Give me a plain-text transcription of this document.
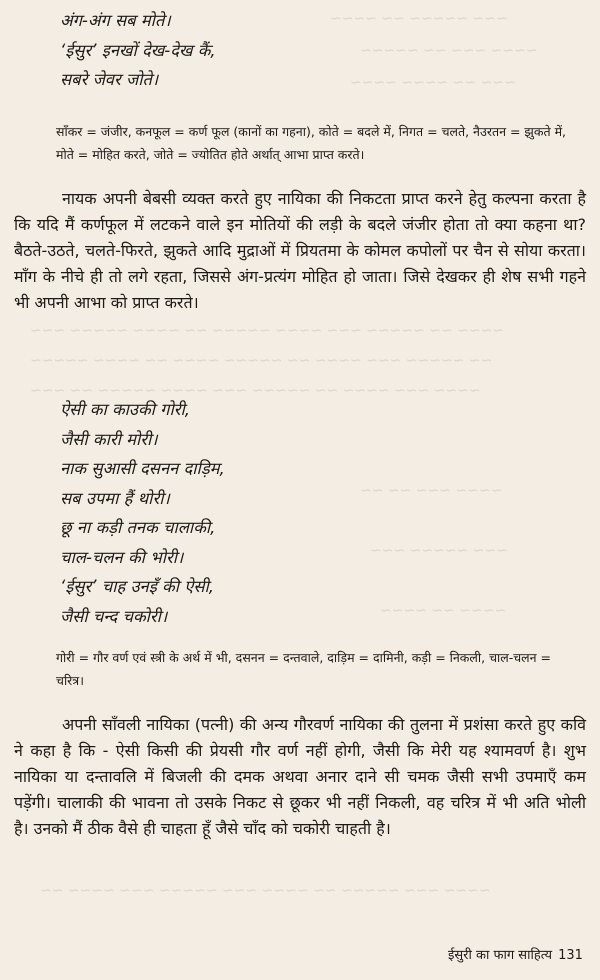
~~~ ~~~~~ ~~ ~~~~
~~~~ ~~~ ~~ ~~~~~
~~~ ~~ ~~~~ ~~~~
~~~~ ~~ ~~~~~ ~~~ ~~~~ ~~~~~ ~~ ~~~~ ~~~~~ ~~~
~~ ~~~~~ ~~~ ~~~~ ~~ ~~~~~ ~~~~ ~~ ~~~~ ~~~~~
~~~~ ~~~ ~~~~ ~~ ~~~~~ ~~~ ~~~~ ~~~~~ ~~ ~~~
~~~~ ~~~ ~~ ~~
~~~ ~~~~~ ~~~
~~~~ ~~ ~~~~
~~~~ ~~~ ~~~~~ ~~ ~~~~ ~~~ ~~~~~ ~~~ ~~~~ ~~
अंग-अंग सब मोते।
‘ईसुर’ इनखों देख-देख कैं,
सबरे जेवर जोते।
साँकर = जंजीर, कनफूल = कर्ण फूल (कानों का गहना), कोते = बदले में, निगत = चलते, नैउरतन = झुकते में, मोते = मोहित करते, जोते = ज्योतित होते अर्थात् आभा प्राप्त करते।
नायक अपनी बेबसी व्यक्त करते हुए नायिका की निकटता प्राप्त करने हेतु कल्पना करता है कि यदि मैं कर्णफूल में लटकने वाले इन मोतियों की लड़ी के बदले जंजीर होता तो क्या कहना था? बैठते-उठते, चलते-फिरते, झुकते आदि मुद्राओं में प्रियतमा के कोमल कपोलों पर चैन से सोया करता। माँग के नीचे ही तो लगे रहता, जिससे अंग-प्रत्यंग मोहित हो जाता। जिसे देखकर ही शेष सभी गहने भी अपनी आभा को प्राप्त करते।
ऐसी का काउकी गोरी,
जैसी कारी मोरी।
नाक सुआसी दसनन दाड़िम,
सब उपमा हैं थोरी।
छू ना कड़ी तनक चालाकी,
चाल-चलन की भोरी।
‘ईसुर’ चाह उनइँ की ऐसी,
जैसी चन्द चकोरी।
गोरी = गौर वर्ण एवं स्त्री के अर्थ में भी, दसनन = दन्तवाले, दाड़िम = दामिनी, कड़ी = निकली, चाल-चलन = चरित्र।
अपनी साँवली नायिका (पत्नी) की अन्य गौरवर्ण नायिका की तुलना में प्रशंसा करते हुए कवि ने कहा है कि - ऐसी किसी की प्रेयसी गौर वर्ण नहीं होगी, जैसी कि मेरी यह श्यामवर्ण है। शुभ नायिका या दन्तावलि में बिजली की दमक अथवा अनार दाने सी चमक जैसी सभी उपमाएँ कम पड़ेंगी। चालाकी की भावना तो उसके निकट से छूकर भी नहीं निकली, वह चरित्र में भी अति भोली है। उनको मैं ठीक वैसे ही चाहता हूँ जैसे चाँद को चकोरी चाहती है।
ईसुरी का फाग साहित्य 131
